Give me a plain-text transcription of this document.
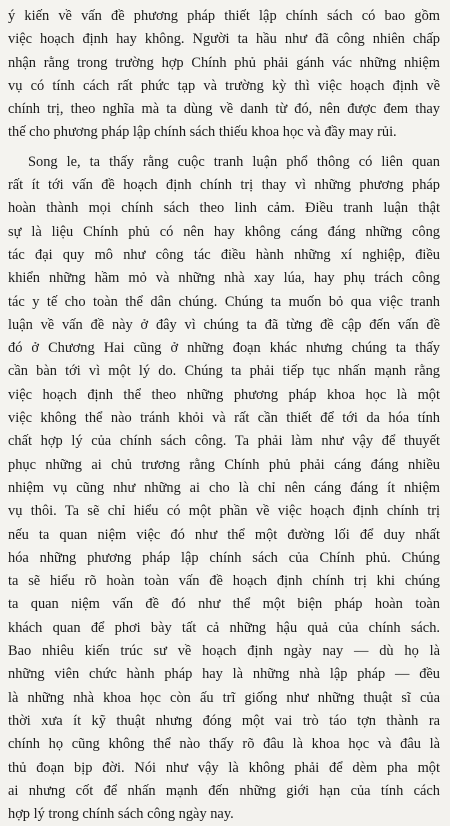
ý kiến về vấn đề phương pháp thiết lập chính sách có bao gồm
việc hoạch định hay không. Người ta hầu như đã công nhiên chấp
nhận rằng trong trường hợp Chính phủ phải gánh vác những nhiệm
vụ có tính cách rất phức tạp và trường kỳ thì việc hoạch định về
chính trị, theo nghĩa mà ta dùng về danh từ đó, nên được đem thay
thế cho phương pháp lập chính sách thiếu khoa học và đầy may rủi.
Song le, ta thấy rằng cuộc tranh luận phổ thông có liên quan
rất ít tới vấn đề hoạch định chính trị thay vì những phương pháp
hoàn thành mọi chính sách theo linh cảm. Điều tranh luận thật
sự là liệu Chính phủ có nên hay không cáng đáng những công
tác đại quy mô như công tác điều hành những xí nghiệp, điều
khiển những hầm mỏ và những nhà xay lúa, hay phụ trách công
tác y tế cho toàn thể dân chúng. Chúng ta muốn bỏ qua việc tranh
luận về vấn đề này ở đây vì chúng ta đã từng đề cập đến vấn đề
đó ở Chương Hai cũng ở những đoạn khác nhưng chúng ta thấy
cần bàn tới vì một lý do. Chúng ta phải tiếp tục nhấn mạnh rằng
việc hoạch định thể theo những phương pháp khoa học là một
việc không thể nào tránh khỏi và rất cần thiết để tới da hóa tính
chất hợp lý của chính sách công. Ta phải làm như vậy để thuyết
phục những ai chủ trương rằng Chính phủ phải cáng đáng nhiều
nhiệm vụ cũng như những ai cho là chỉ nên cáng đáng ít nhiệm
vụ thôi. Ta sẽ chỉ hiểu có một phần về việc hoạch định chính trị
nếu ta quan niệm việc đó như thể một đường lối để duy nhất
hóa những phương pháp lập chính sách của Chính phủ. Chúng
ta sẽ hiểu rõ hoàn toàn vấn đề hoạch định chính trị khi chúng
ta quan niệm vấn đề đó như thể một biện pháp hoàn toàn
khách quan để phơi bày tất cả những hậu quả của chính sách.
Bao nhiêu kiến trúc sư về hoạch định ngày nay — dù họ là
những viên chức hành pháp hay là những nhà lập pháp — đều
là những nhà khoa học còn ấu trĩ giống như những thuật sĩ của
thời xưa ít kỹ thuật nhưng đóng một vai trò táo tợn thành ra
chính họ cũng không thể nào thấy rõ đâu là khoa học và đâu là
thủ đoạn bịp đời. Nói như vậy là không phải để dèm pha một
ai nhưng cốt để nhấn mạnh đến những giới hạn của tính cách
hợp lý trong chính sách công ngày nay.
